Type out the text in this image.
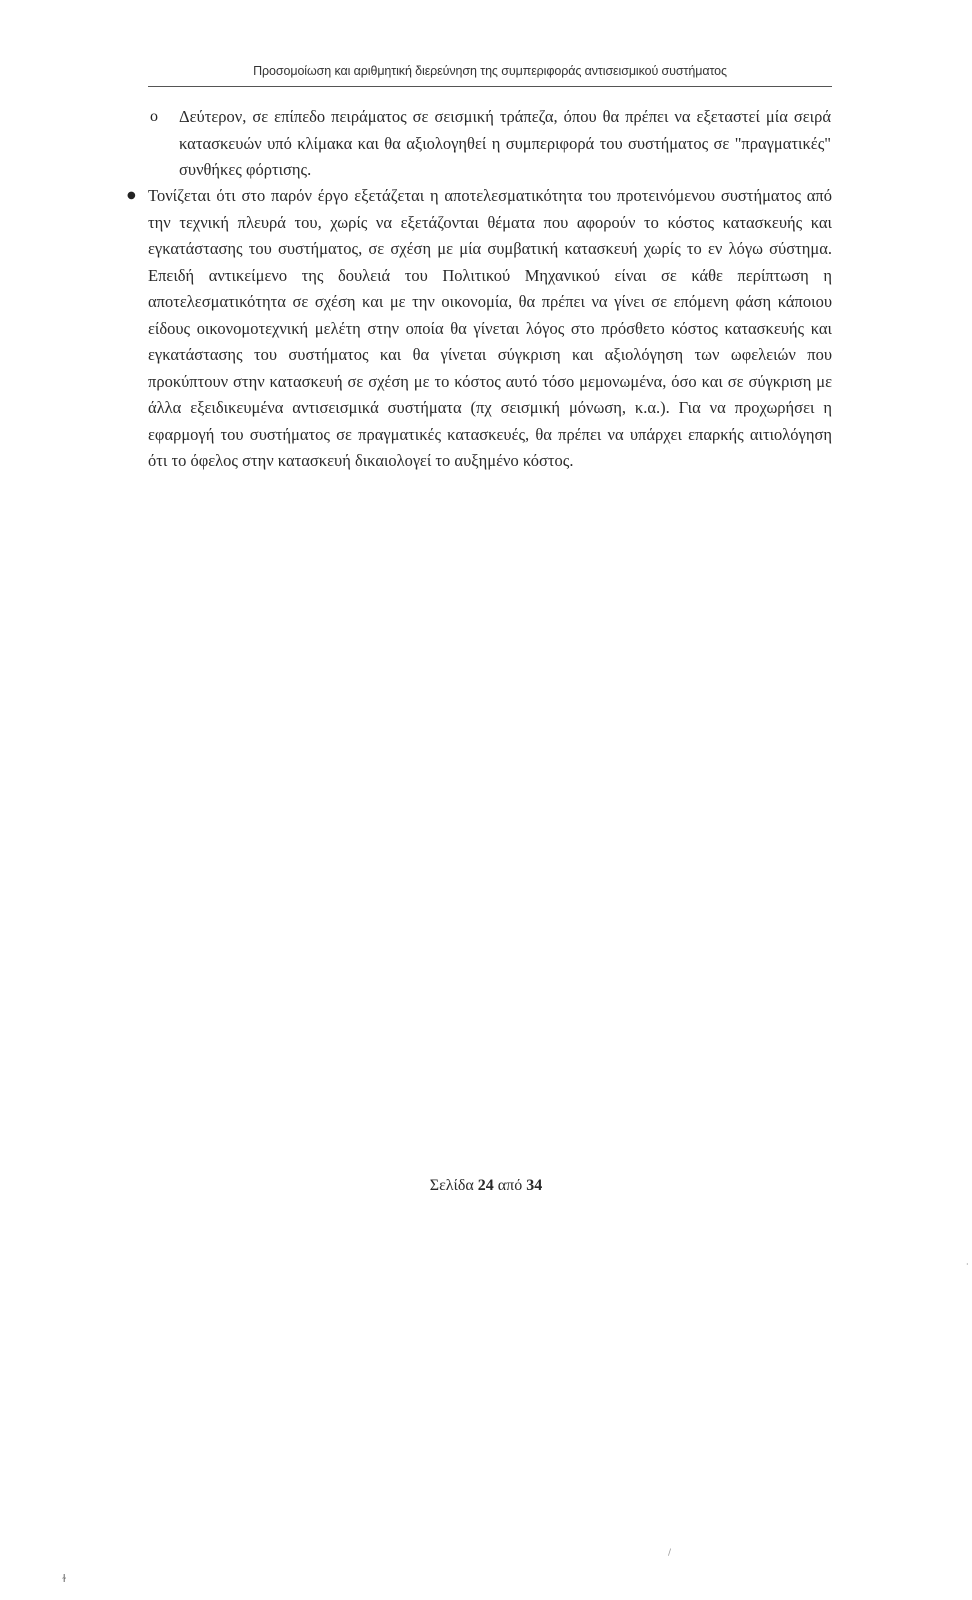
Προσομοίωση και αριθμητική διερεύνηση της συμπεριφοράς αντισεισμικού συστήματος
o Δεύτερον, σε επίπεδο πειράματος σε σεισμική τράπεζα, όπου θα πρέπει να εξεταστεί μία σειρά κατασκευών υπό κλίμακα και θα αξιολογηθεί η συμπεριφορά του συστήματος σε "πραγματικές" συνθήκες φόρτισης.

● Τονίζεται ότι στο παρόν έργο εξετάζεται η αποτελεσματικότητα του προτεινόμενου συστήματος από την τεχνική πλευρά του, χωρίς να εξετάζονται θέματα που αφορούν το κόστος κατασκευής και εγκατάστασης του συστήματος, σε σχέση με μία συμβατική κατασκευή χωρίς το εν λόγω σύστημα. Επειδή αντικείμενο της δουλειά του Πολιτικού Μηχανικού είναι σε κάθε περίπτωση η αποτελεσματικότητα σε σχέση και με την οικονομία, θα πρέπει να γίνει σε επόμενη φάση κάποιου είδους οικονομοτεχνική μελέτη στην οποία θα γίνεται λόγος στο πρόσθετο κόστος κατασκευής και εγκατάστασης του συστήματος και θα γίνεται σύγκριση και αξιολόγηση των ωφελειών που προκύπτουν στην κατασκευή σε σχέση με το κόστος αυτό τόσο μεμονωμένα, όσο και σε σύγκριση με άλλα εξειδικευμένα αντισεισμικά συστήματα (πχ σεισμική μόνωση, κ.α.). Για να προχωρήσει η εφαρμογή του συστήματος σε πραγματικές κατασκευές, θα πρέπει να υπάρχει επαρκής αιτιολόγηση ότι το όφελος στην κατασκευή δικαιολογεί το αυξημένο κόστος.

Σελίδα 24 από 34
ɫ
/
·
